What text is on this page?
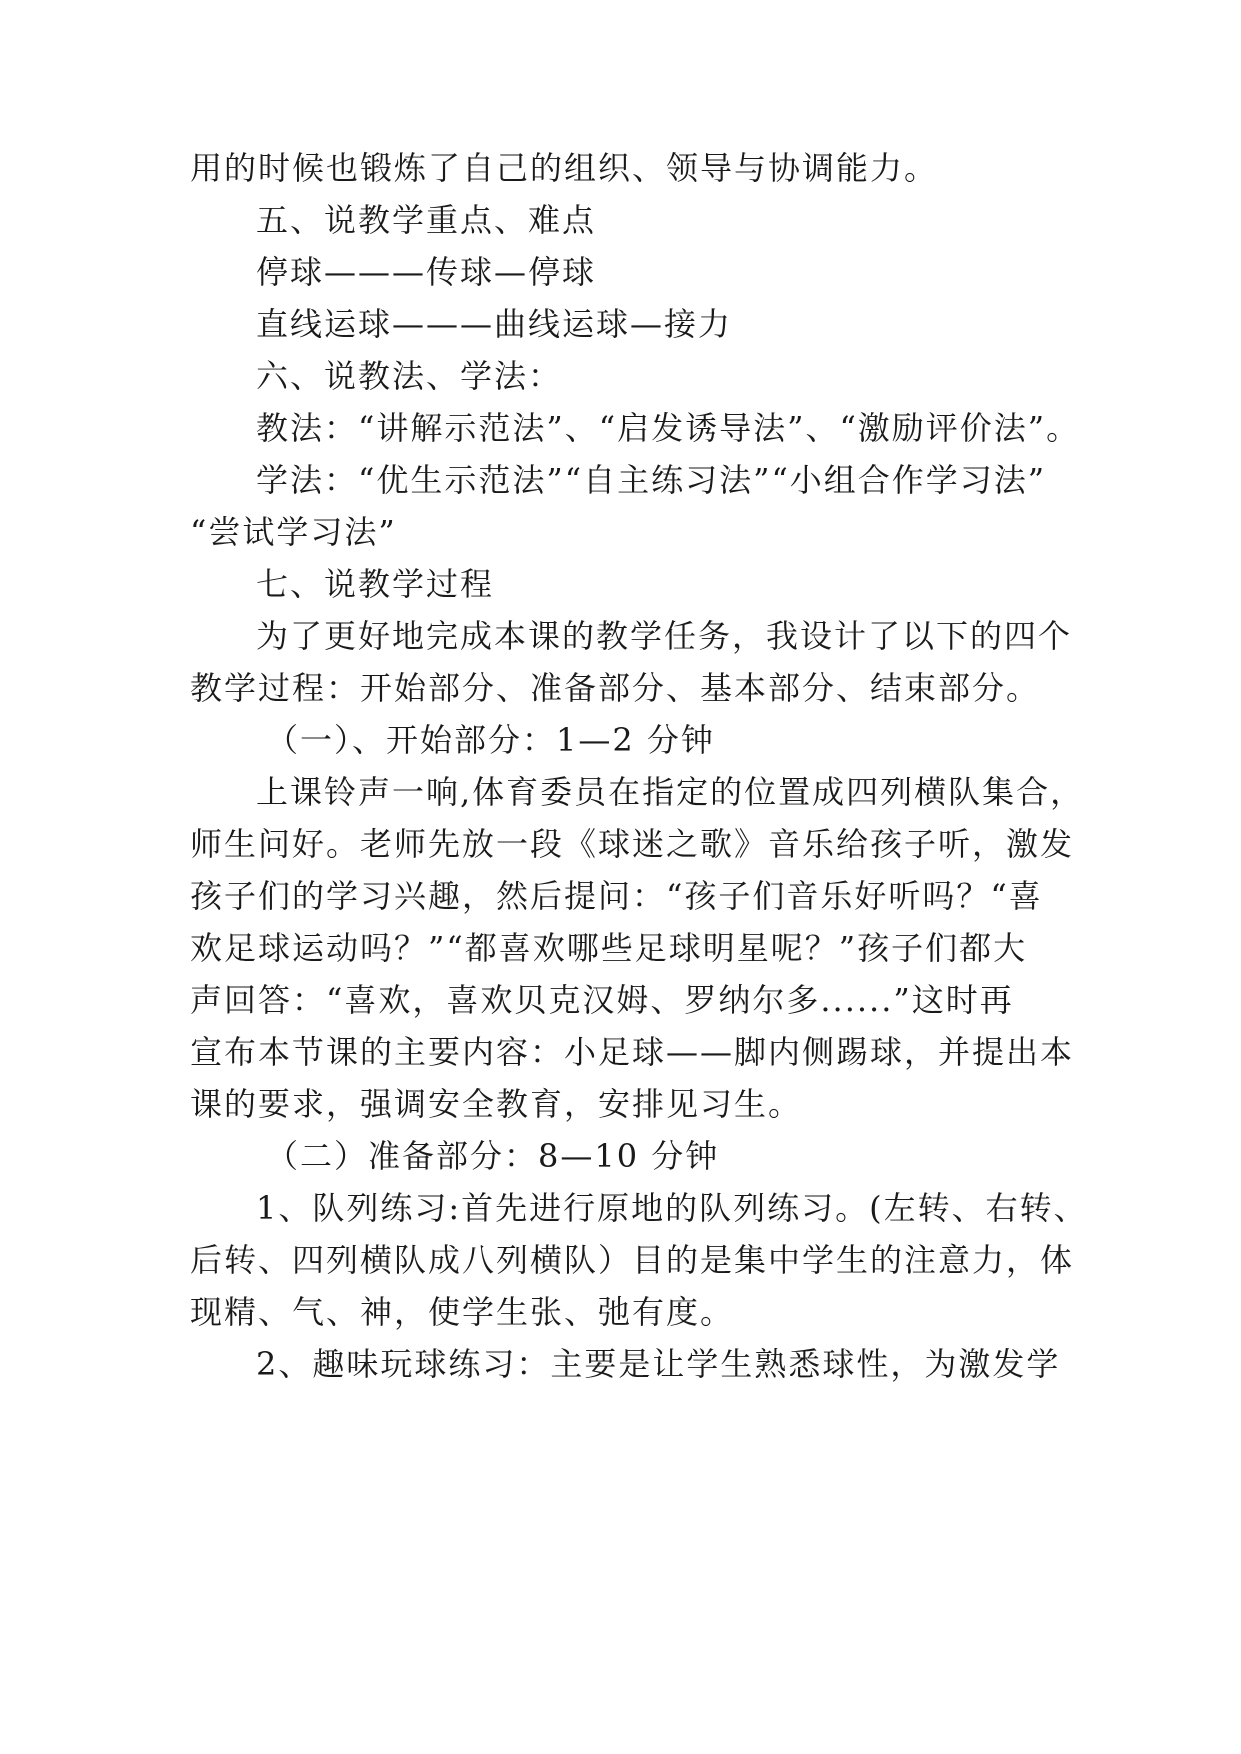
用的时候也锻炼了自己的组织、领导与协调能力。
五、说教学重点、难点
停球———传球—停球
直线运球———曲线运球—接力
六、说教法、学法：
教法：“讲解示范法”、“启发诱导法”、“激励评价法”。
学法：“优生示范法”“自主练习法”“小组合作学习法”
“尝试学习法”
七、说教学过程
为了更好地完成本课的教学任务，我设计了以下的四个
教学过程：开始部分、准备部分、基本部分、结束部分。
（一）、开始部分：1—2 分钟
上课铃声一响,体育委员在指定的位置成四列横队集合，
师生问好。老师先放一段《球迷之歌》音乐给孩子听，激发
孩子们的学习兴趣，然后提问：“孩子们音乐好听吗？“喜
欢足球运动吗？”“都喜欢哪些足球明星呢？”孩子们都大
声回答：“喜欢，喜欢贝克汉姆、罗纳尔多......”这时再
宣布本节课的主要内容：小足球——脚内侧踢球，并提出本
课的要求，强调安全教育，安排见习生。
（二）准备部分：8—10 分钟
1、队列练习:首先进行原地的队列练习。(左转、右转、
后转、四列横队成八列横队）目的是集中学生的注意力，体
现精、气、神，使学生张、弛有度。
2、趣味玩球练习：主要是让学生熟悉球性，为激发学
